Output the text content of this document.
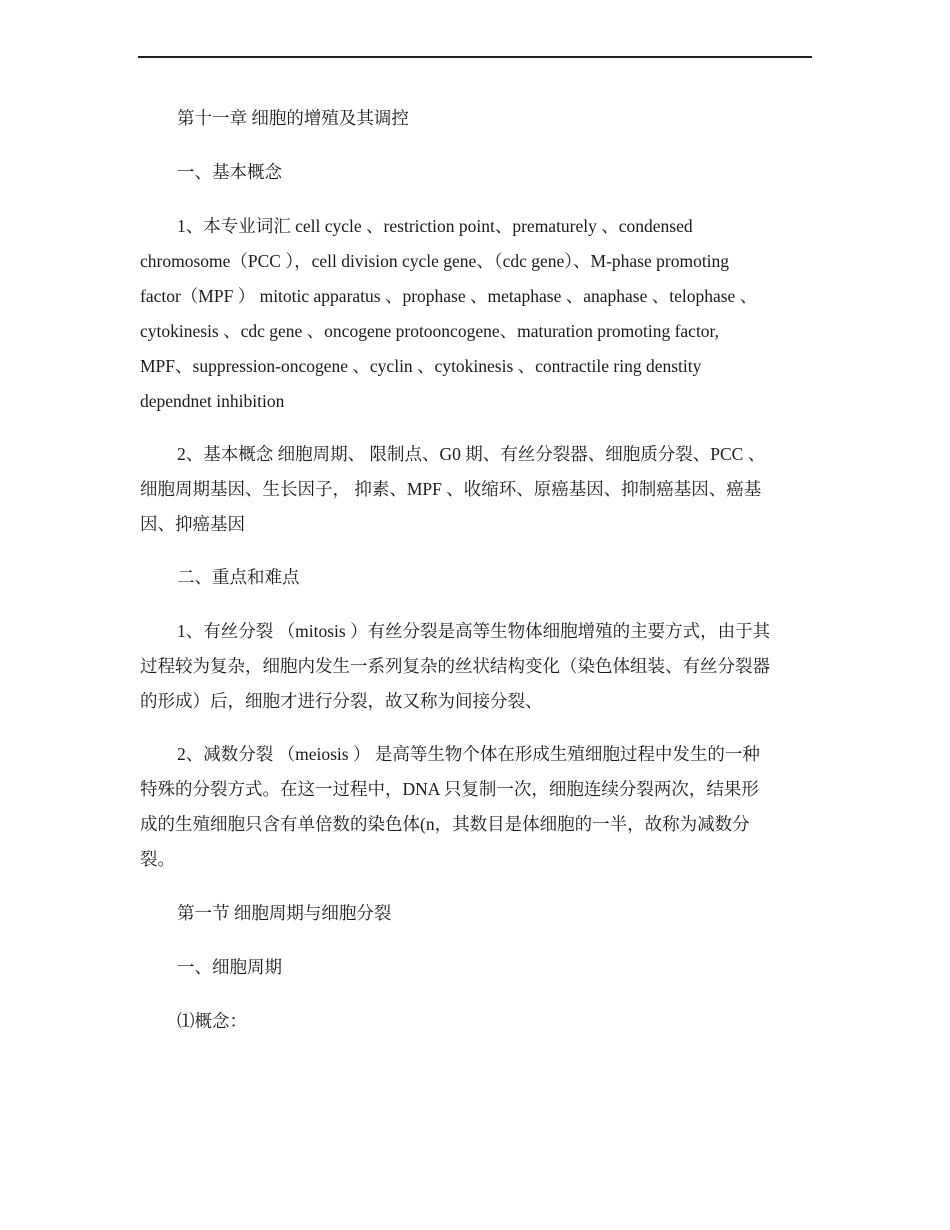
第十一章 细胞的增殖及其调控

一、基本概念

1、本专业词汇 cell cycle 、restriction point、prematurely 、condensed

chromosome（PCC ），cell division cycle gene、（cdc gene）、M-phase promoting

factor（MPF ） mitotic apparatus 、prophase 、metaphase 、anaphase 、telophase 、

cytokinesis 、cdc gene 、oncogene protooncogene、maturation promoting factor,

MPF、suppression-oncogene 、cyclin 、cytokinesis 、contractile ring denstity

dependnet inhibition

2、基本概念 细胞周期、 限制点、G0 期、有丝分裂器、细胞质分裂、PCC 、

细胞周期基因、生长因子， 抑素、MPF 、收缩环、原癌基因、抑制癌基因、癌基

因、抑癌基因

二、重点和难点

1、有丝分裂 （mitosis ）有丝分裂是高等生物体细胞增殖的主要方式，由于其

过程较为复杂，细胞内发生一系列复杂的丝状结构变化（染色体组装、有丝分裂器

的形成）后，细胞才进行分裂，故又称为间接分裂、

2、减数分裂 （meiosis ） 是高等生物个体在形成生殖细胞过程中发生的一种

特殊的分裂方式。在这一过程中，DNA 只复制一次，细胞连续分裂两次，结果形

成的生殖细胞只含有单倍数的染色体(n，其数目是体细胞的一半，故称为减数分

裂。

第一节 细胞周期与细胞分裂

一、细胞周期

⑴概念：
